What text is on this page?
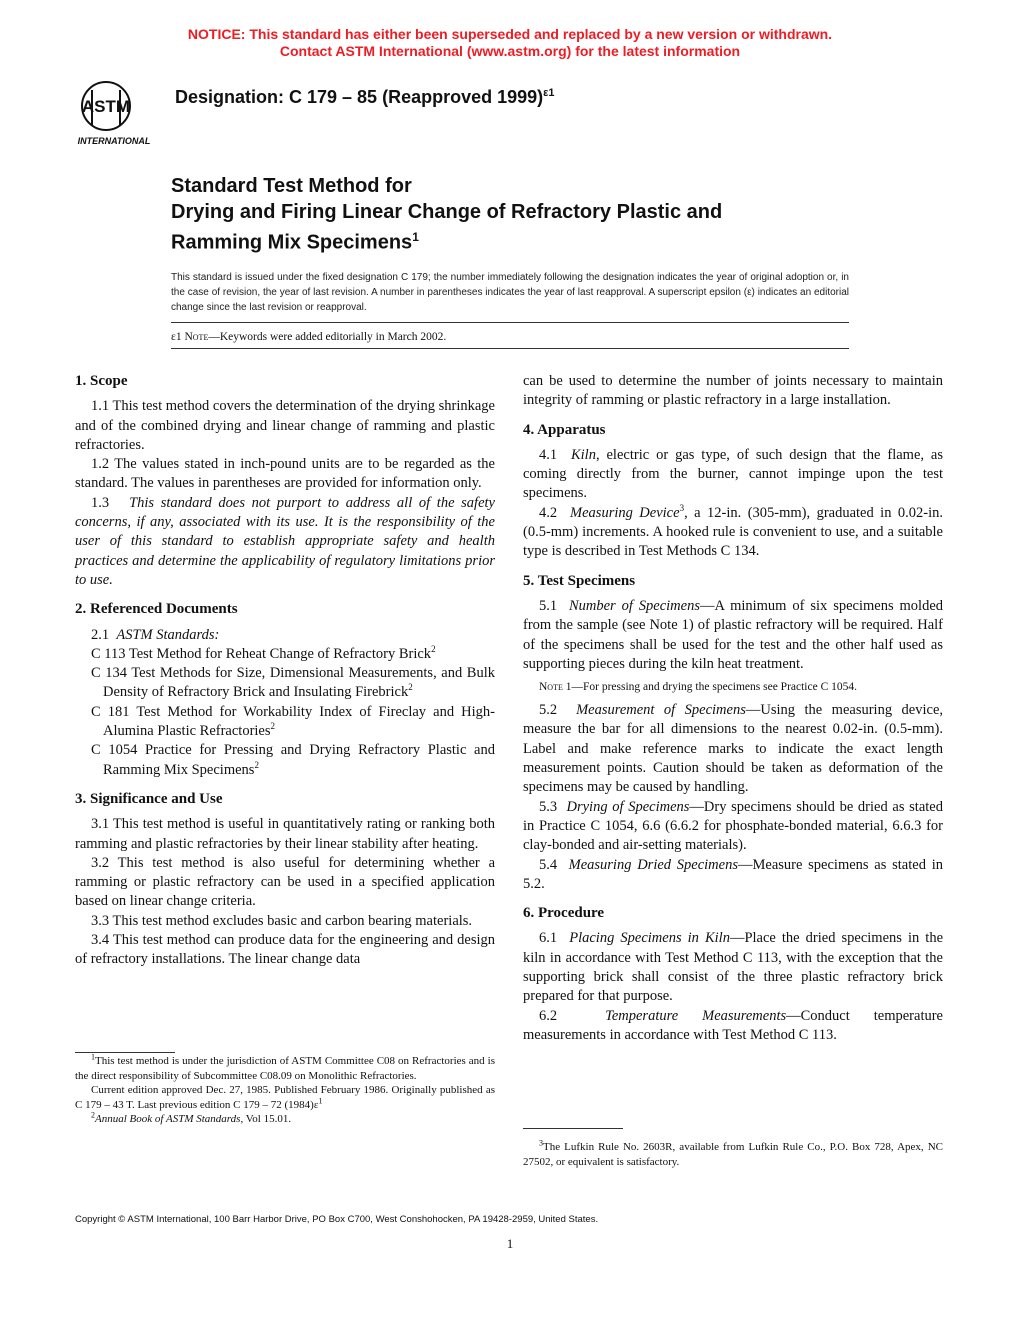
NOTICE: This standard has either been superseded and replaced by a new version or withdrawn.
Contact ASTM International (www.astm.org) for the latest information
ASTM
INTERNATIONAL
Designation: C 179 – 85 (Reapproved 1999)$^{\varepsilon 1}$
Standard Test Method for
Drying and Firing Linear Change of Refractory Plastic and
Ramming Mix Specimens$^1$
This standard is issued under the fixed designation C 179; the number immediately following the designation indicates the year of original adoption or, in the case of revision, the year of last revision. A number in parentheses indicates the year of last reapproval. A superscript epsilon (ε) indicates an editorial change since the last revision or reapproval.
ε1 Note—Keywords were added editorially in March 2002.
1. Scope

1.1 This test method covers the determination of the drying shrinkage and of the combined drying and linear change of ramming and plastic refractories.

1.2 The values stated in inch-pound units are to be regarded as the standard. The values in parentheses are provided for information only.

1.3 This standard does not purport to address all of the safety concerns, if any, associated with its use. It is the responsibility of the user of this standard to establish appropriate safety and health practices and determine the applicability of regulatory limitations prior to use.

2. Referenced Documents

2.1 ASTM Standards:

C 113 Test Method for Reheat Change of Refractory Brick$^2$

C 134 Test Methods for Size, Dimensional Measurements, and Bulk Density of Refractory Brick and Insulating Firebrick$^2$

C 181 Test Method for Workability Index of Fireclay and High-Alumina Plastic Refractories$^2$

C 1054 Practice for Pressing and Drying Refractory Plastic and Ramming Mix Specimens$^2$

3. Significance and Use

3.1 This test method is useful in quantitatively rating or ranking both ramming and plastic refractories by their linear stability after heating.

3.2 This test method is also useful for determining whether a ramming or plastic refractory can be used in a specified application based on linear change criteria.

3.3 This test method excludes basic and carbon bearing materials.

3.4 This test method can produce data for the engineering and design of refractory installations. The linear change data

$^1$This test method is under the jurisdiction of ASTM Committee C08 on Refractories and is the direct responsibility of Subcommittee C08.09 on Monolithic Refractories.

Current edition approved Dec. 27, 1985. Published February 1986. Originally published as C 179 – 43 T. Last previous edition C 179 – 72 $(1984)\varepsilon^1$

$^2$Annual Book of ASTM Standards, Vol 15.01.

can be used to determine the number of joints necessary to maintain integrity of ramming or plastic refractory in a large installation.

4. Apparatus

4.1 Kiln, electric or gas type, of such design that the flame, as coming directly from the burner, cannot impinge upon the test specimens.

4.2 Measuring Device$^3$, a 12-in. (305-mm), graduated in 0.02-in. (0.5-mm) increments. A hooked rule is convenient to use, and a suitable type is described in Test Methods C 134.

5. Test Specimens

5.1 Number of Specimens—A minimum of six specimens molded from the sample (see Note 1) of plastic refractory will be required. Half of the specimens shall be used for the test and the other half used as supporting pieces during the kiln heat treatment.

Note 1—For pressing and drying the specimens see Practice C 1054.

5.2 Measurement of Specimens—Using the measuring device, measure the bar for all dimensions to the nearest 0.02-in. (0.5-mm). Label and make reference marks to indicate the exact length measurement points. Caution should be taken as deformation of the specimens may be caused by handling.

5.3 Drying of Specimens—Dry specimens should be dried as stated in Practice C 1054, 6.6 (6.6.2 for phosphate-bonded material, 6.6.3 for clay-bonded and air-setting materials).

5.4 Measuring Dried Specimens—Measure specimens as stated in 5.2.

6. Procedure

6.1 Placing Specimens in Kiln—Place the dried specimens in the kiln in accordance with Test Method C 113, with the exception that the supporting brick shall consist of the three plastic refractory brick prepared for that purpose.

6.2	Temperature Measurements—Conduct temperature measurements in accordance with Test Method C 113.

$^3$The Lufkin Rule No. 2603R, available from Lufkin Rule Co., P.O. Box 728, Apex, NC 27502, or equivalent is satisfactory.

Copyright © ASTM International, 100 Barr Harbor Drive, PO Box C700, West Conshohocken, PA 19428-2959, United States.
1
